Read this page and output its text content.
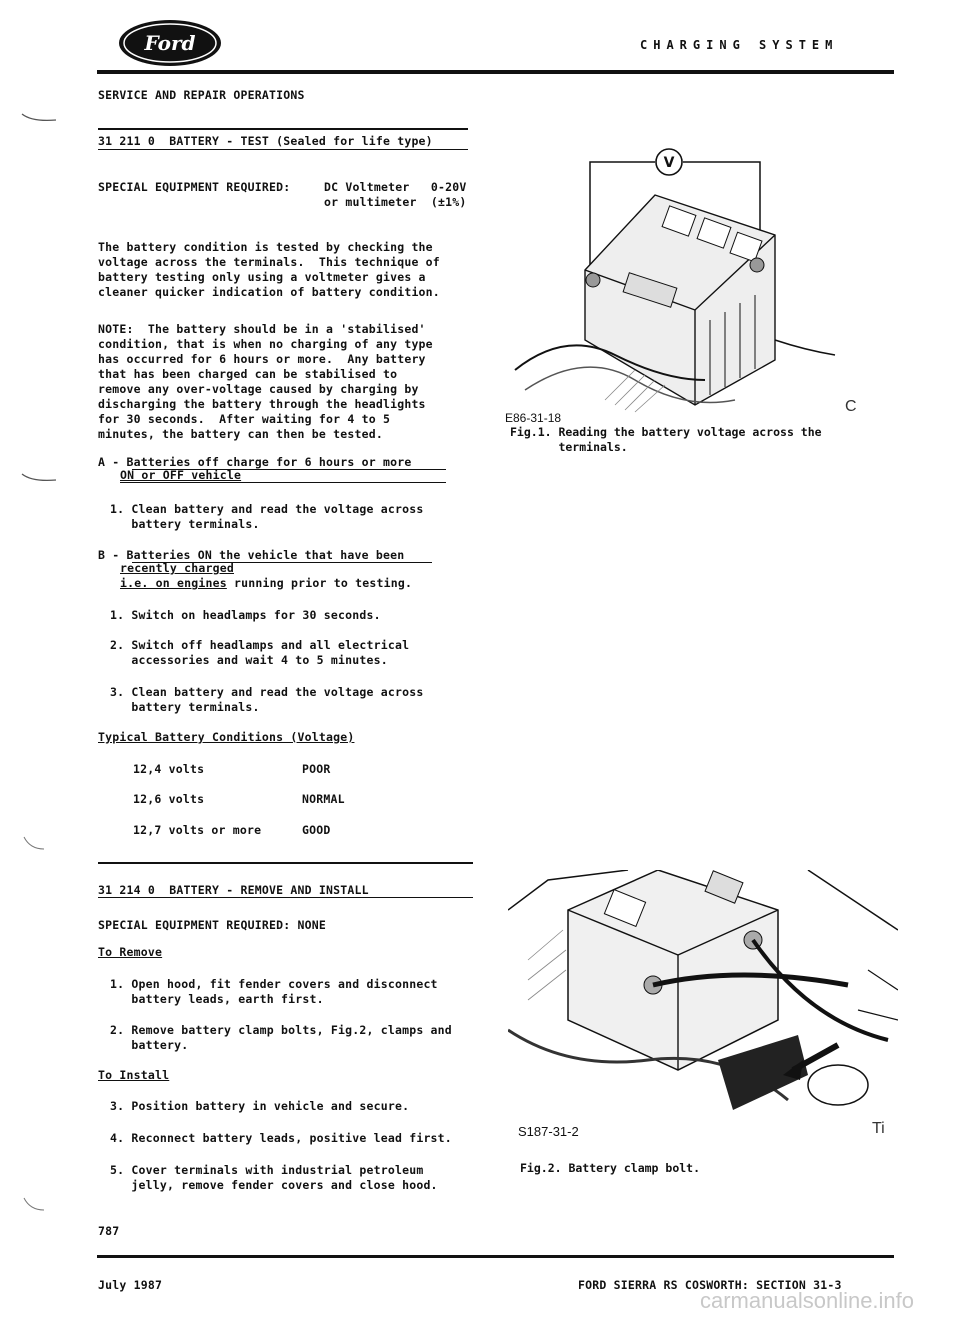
Ford	CHARGING SYSTEM
SERVICE AND REPAIR OPERATIONS
31 211 0  BATTERY - TEST (Sealed for life type)
SPECIAL EQUIPMENT REQUIRED:	DC Voltmeter   0-20V
or multimeter  (±1%)
The battery condition is tested by checking the
voltage across the terminals.  This technique of
battery testing only using a voltmeter gives a
cleaner quicker indication of battery condition.
NOTE:  The battery should be in a 'stabilised'
condition, that is when no charging of any type
has occurred for 6 hours or more.  Any battery
that has been charged can be stabilised to
remove any over-voltage caused by charging by
discharging the battery through the headlights
for 30 seconds.  After waiting for 4 to 5
minutes, the battery can then be tested.
A - Batteries off charge for 6 hours or more
ON or OFF vehicle
1. Clean battery and read the voltage across
battery terminals.
B - Batteries ON the vehicle that have been
recently charged
i.e. on engines running prior to testing.
1. Switch on headlamps for 30 seconds.
2. Switch off headlamps and all electrical
accessories and wait 4 to 5 minutes.
3. Clean battery and read the voltage across
battery terminals.
Typical Battery Conditions (Voltage)
12,4 volts	POOR
12,6 volts	NORMAL
12,7 volts or more	GOOD
31 214 0  BATTERY - REMOVE AND INSTALL
SPECIAL EQUIPMENT REQUIRED: NONE
To Remove
1. Open hood, fit fender covers and disconnect
battery leads, earth first.
2. Remove battery clamp bolts, Fig.2, clamps and
battery.
To Install
3. Position battery in vehicle and secure.
4. Reconnect battery leads, positive lead first.
5. Cover terminals with industrial petroleum
jelly, remove fender covers and close hood.
V
E86-31-18
C
Fig.1. Reading the battery voltage across the
terminals.
S187-31-2	Ti
Fig.2. Battery clamp bolt.
787
July 1987	FORD SIERRA RS COSWORTH: SECTION 31-3
carmanualsonline.info
